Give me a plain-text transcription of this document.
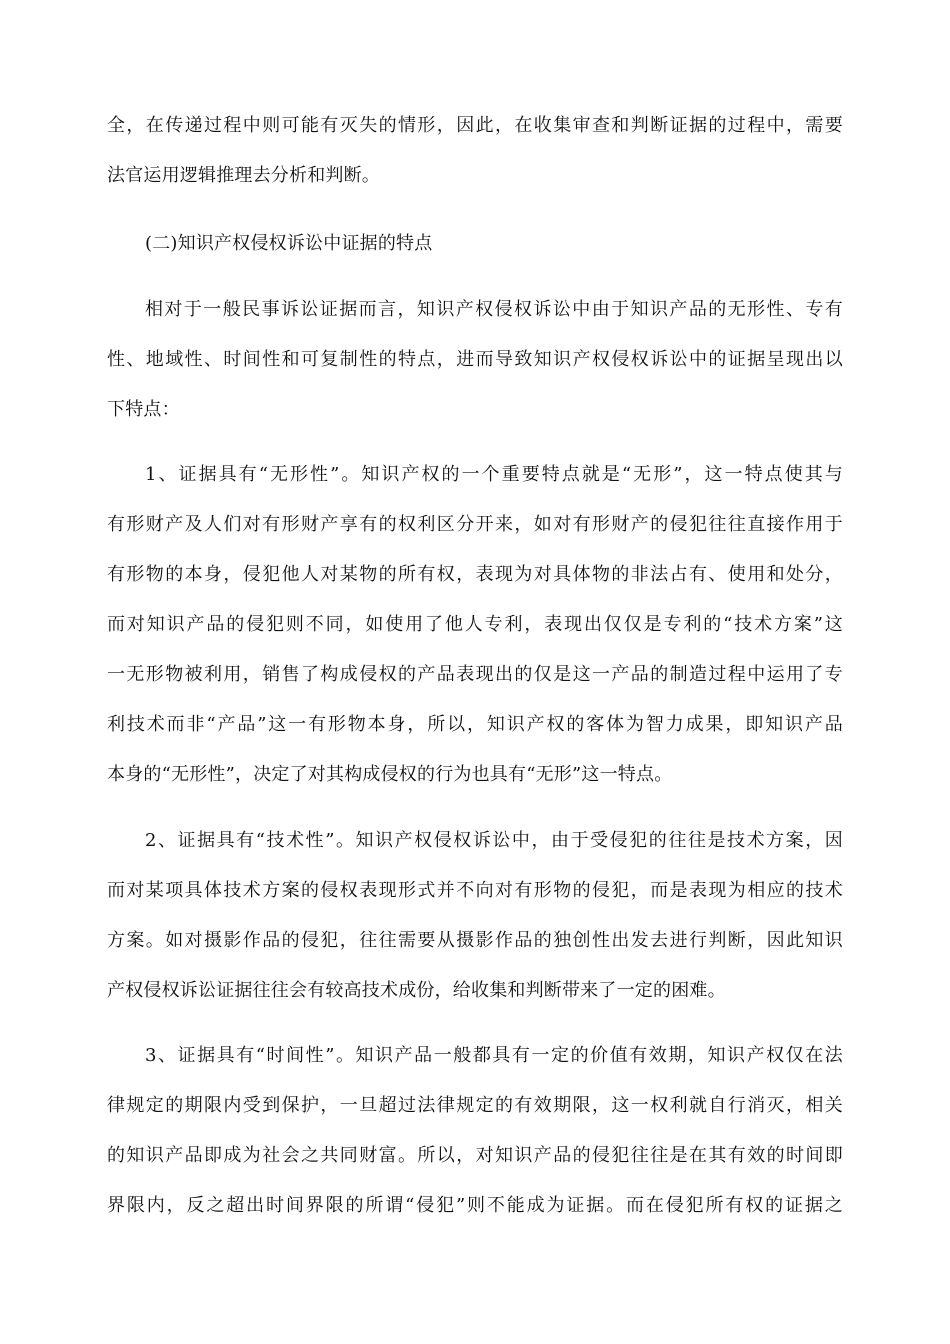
全，在传递过程中则可能有灭失的情形，因此，在收集审查和判断证据的过程中，需要
法官运用逻辑推理去分析和判断。
(二)知识产权侵权诉讼中证据的特点
相对于一般民事诉讼证据而言，知识产权侵权诉讼中由于知识产品的无形性、专有
性、地域性、时间性和可复制性的特点，进而导致知识产权侵权诉讼中的证据呈现出以
下特点：
1、证据具有“无形性”。知识产权的一个重要特点就是“无形”，这一特点使其与
有形财产及人们对有形财产享有的权利区分开来，如对有形财产的侵犯往往直接作用于
有形物的本身，侵犯他人对某物的所有权，表现为对具体物的非法占有、使用和处分，
而对知识产品的侵犯则不同，如使用了他人专利，表现出仅仅是专利的“技术方案”这
一无形物被利用，销售了构成侵权的产品表现出的仅是这一产品的制造过程中运用了专
利技术而非“产品”这一有形物本身，所以，知识产权的客体为智力成果，即知识产品
本身的“无形性”，决定了对其构成侵权的行为也具有“无形”这一特点。
2、证据具有“技术性”。知识产权侵权诉讼中，由于受侵犯的往往是技术方案，因
而对某项具体技术方案的侵权表现形式并不向对有形物的侵犯，而是表现为相应的技术
方案。如对摄影作品的侵犯，往往需要从摄影作品的独创性出发去进行判断，因此知识
产权侵权诉讼证据往往会有较高技术成份，给收集和判断带来了一定的困难。
3、证据具有“时间性”。知识产品一般都具有一定的价值有效期，知识产权仅在法
律规定的期限内受到保护，一旦超过法律规定的有效期限，这一权利就自行消灭，相关
的知识产品即成为社会之共同财富。所以，对知识产品的侵犯往往是在其有效的时间即
界限内，反之超出时间界限的所谓“侵犯”则不能成为证据。而在侵犯所有权的证据之
